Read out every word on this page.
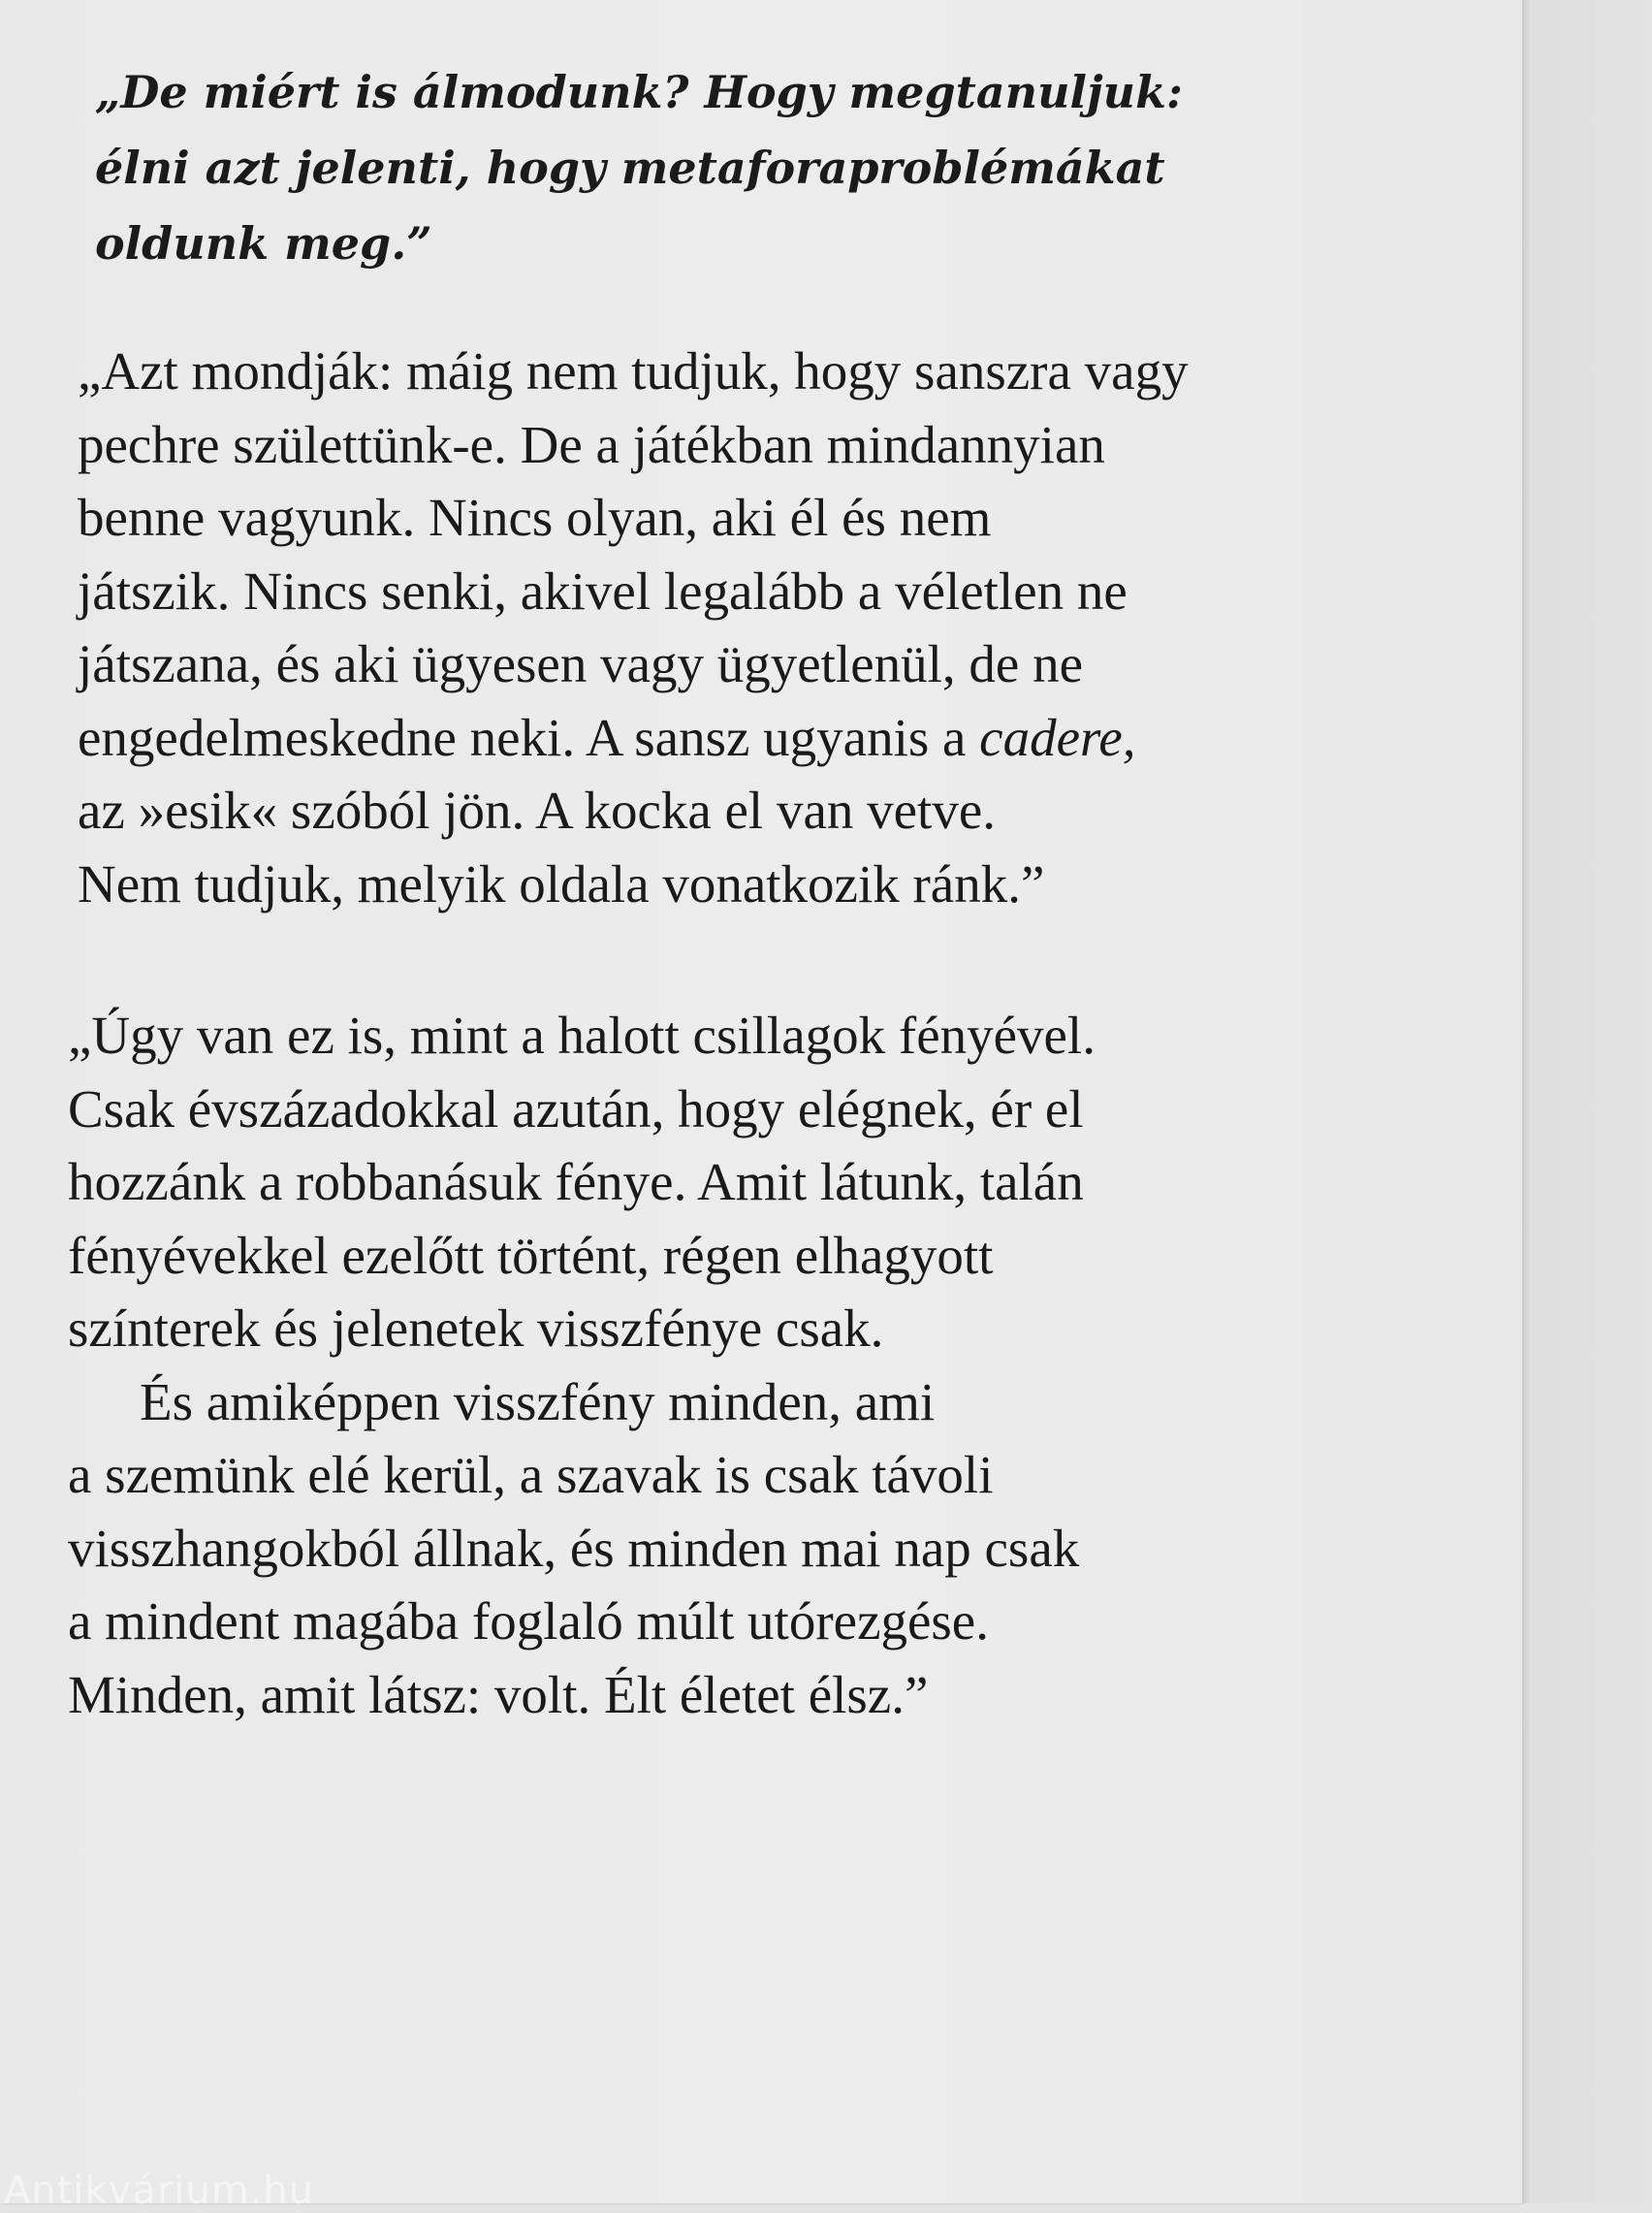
„De miért is álmodunk? Hogy megtanuljuk:
élni azt jelenti, hogy metaforaproblémákat
oldunk meg.”

„Azt mondják: máig nem tudjuk, hogy sanszra vagy
pechre születtünk-e. De a játékban mindannyian
benne vagyunk. Nincs olyan, aki él és nem
játszik. Nincs senki, akivel legalább a véletlen ne
játszana, és aki ügyesen vagy ügyetlenül, de ne
engedelmeskedne neki. A sansz ugyanis a cadere,
az »esik« szóból jön. A kocka el van vetve.
Nem tudjuk, melyik oldala vonatkozik ránk.”

„Úgy van ez is, mint a halott csillagok fényével.
Csak évszázadokkal azután, hogy elégnek, ér el
hozzánk a robbanásuk fénye. Amit látunk, talán
fényévekkel ezelőtt történt, régen elhagyott
színterek és jelenetek visszfénye csak.
És amiképpen visszfény minden, ami
a szemünk elé kerül, a szavak is csak távoli
visszhangokból állnak, és minden mai nap csak
a mindent magába foglaló múlt utórezgése.
Minden, amit látsz: volt. Élt életet élsz.”

Antikvárium.hu
